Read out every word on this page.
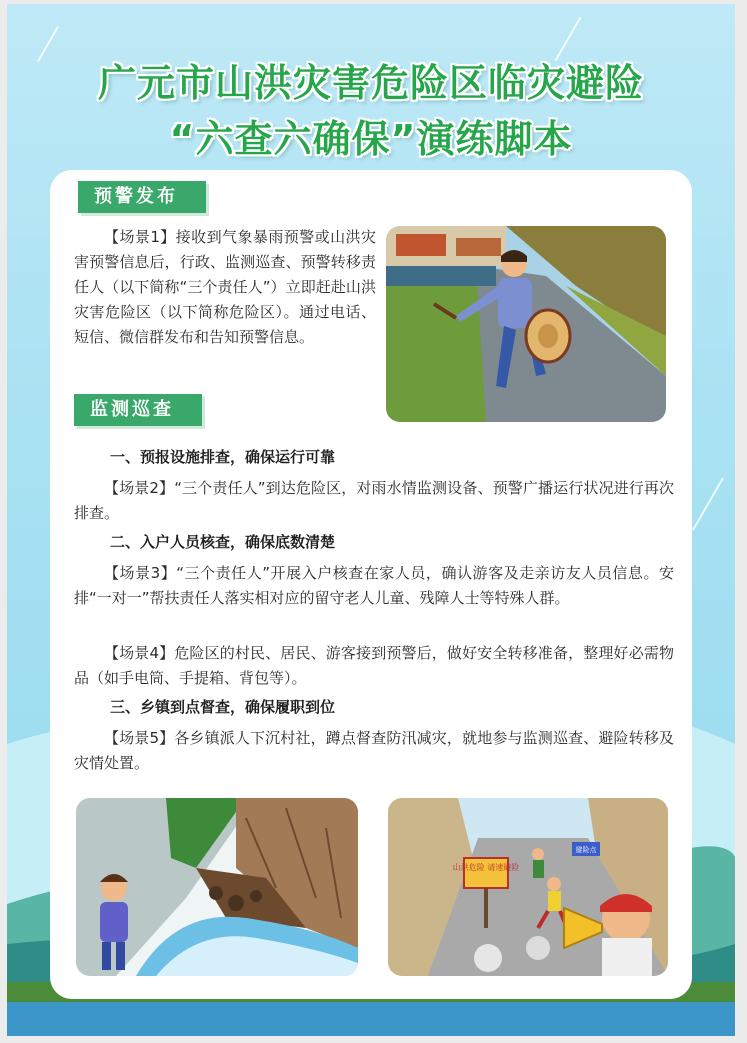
广元市山洪灾害危险区临灾避险
“六查六确保”演练脚本
预警发布

【场景1】接收到气象暴雨预警或山洪灾害预警信息后，行政、监测巡查、预警转移责任人（以下简称“三个责任人”）立即赶赴山洪灾害危险区（以下简称危险区）。通过电话、短信、微信群发布和告知预警信息。

监测巡查

一、预报设施排查，确保运行可靠

【场景2】“三个责任人”到达危险区，对雨水情监测设备、预警广播运行状况进行再次排查。

二、入户人员核查，确保底数清楚

【场景3】“三个责任人”开展入户核查在家人员，确认游客及走亲访友人员信息。安排“一对一”帮扶责任人落实相对应的留守老人儿童、残障人士等特殊人群。

【场景4】危险区的村民、居民、游客接到预警后，做好安全转移准备，整理好必需物品（如手电筒、手提箱、背包等）。

三、乡镇到点督查，确保履职到位

【场景5】各乡镇派人下沉村社，蹲点督查防汛减灾，就地参与监测巡查、避险转移及灾情处置。

山洪危险 请速避险
避险点
